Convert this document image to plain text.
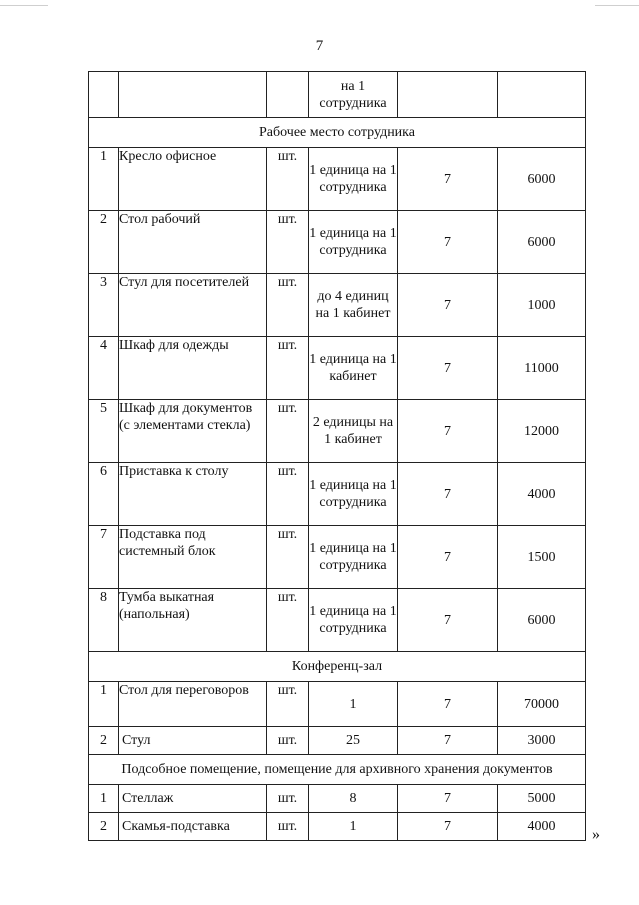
7
			на 1 сотрудника		
Рабочее место сотрудника					
1	Кресло офисное	шт.	1 единица на 1 сотрудника	7	6000
2	Стол рабочий	шт.	1 единица на 1 сотрудника	7	6000
3	Стул для посетителей	шт.	до 4 единиц на 1 кабинет	7	1000
4	Шкаф для одежды	шт.	1 единица на 1 кабинет	7	11000
5	Шкаф для документов (с элементами стекла)	шт.	2 единицы на 1 кабинет	7	12000
6	Приставка к столу	шт.	1 единица на 1 сотрудника	7	4000
7	Подставка под системный блок	шт.	1 единица на 1 сотрудника	7	1500
8	Тумба выкатная (напольная)	шт.	1 единица на 1 сотрудника	7	6000
Конференц-зал					
1	Стол для переговоров	шт.	1	7	70000
2	Стул	шт.	25	7	3000
Подсобное помещение, помещение для архивного хранения документов					
1	Стеллаж	шт.	8	7	5000
2	Скамья-подставка	шт.	1	7	4000 »
